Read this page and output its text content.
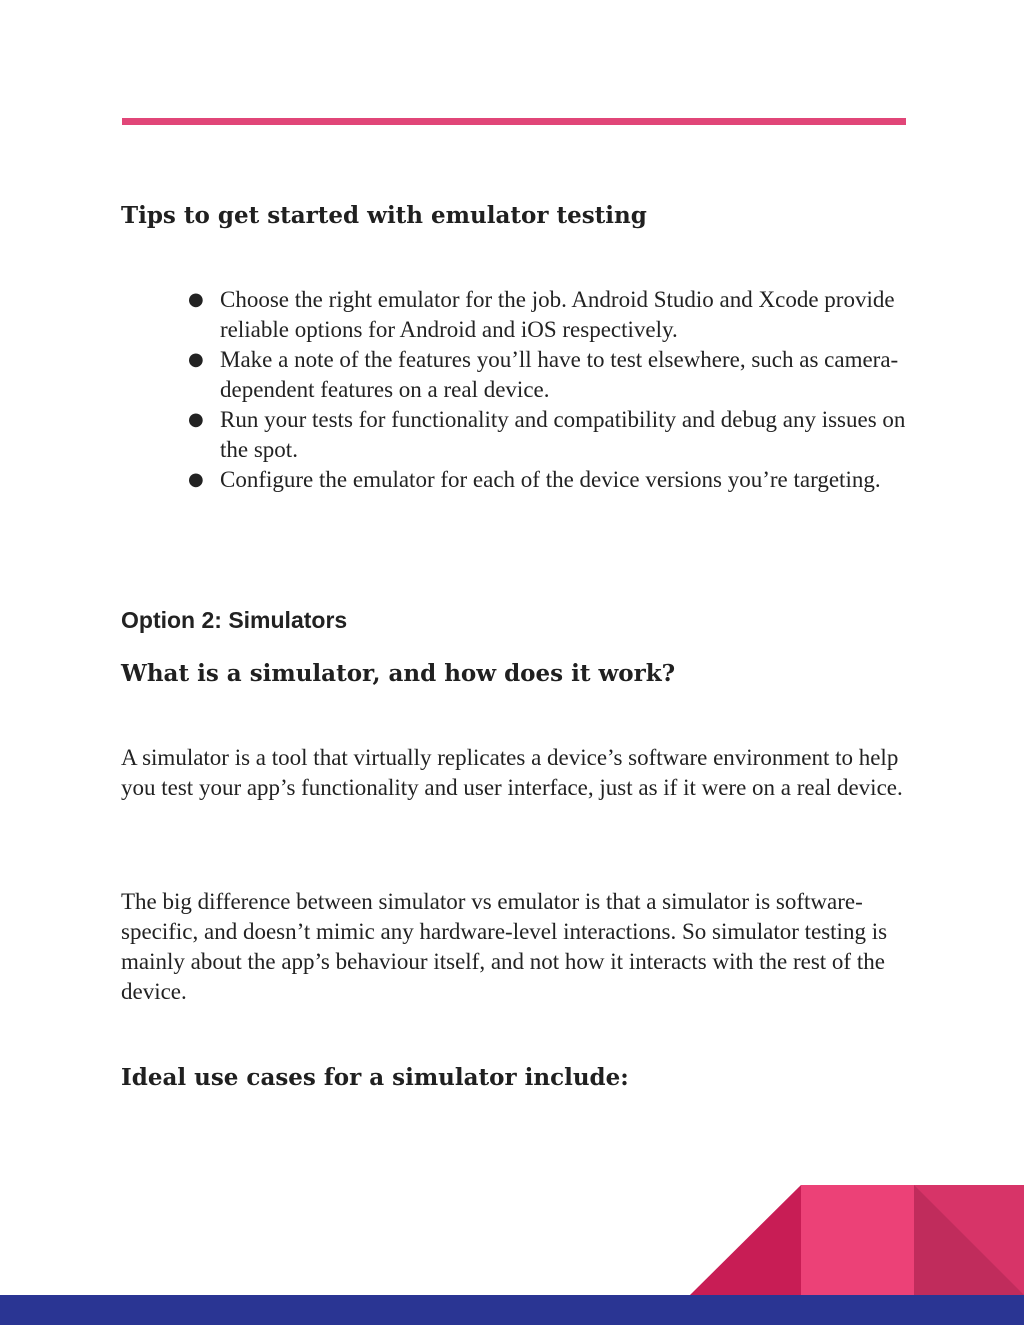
Tips to get started with emulator testing
● Choose the right emulator for the job. Android Studio and Xcode provide reliable options for Android and iOS respectively.
● Make a note of the features you’ll have to test elsewhere, such as camera-dependent features on a real device.
● Run your tests for functionality and compatibility and debug any issues on the spot.
● Configure the emulator for each of the device versions you’re targeting.
Option 2: Simulators
What is a simulator, and how does it work?

A simulator is a tool that virtually replicates a device’s software environment to help you test your app’s functionality and user interface, just as if it were on a real device.

The big difference between simulator vs emulator is that a simulator is software-specific, and doesn’t mimic any hardware-level interactions. So simulator testing is mainly about the app’s behaviour itself, and not how it interacts with the rest of the device.

Ideal use cases for a simulator include:
